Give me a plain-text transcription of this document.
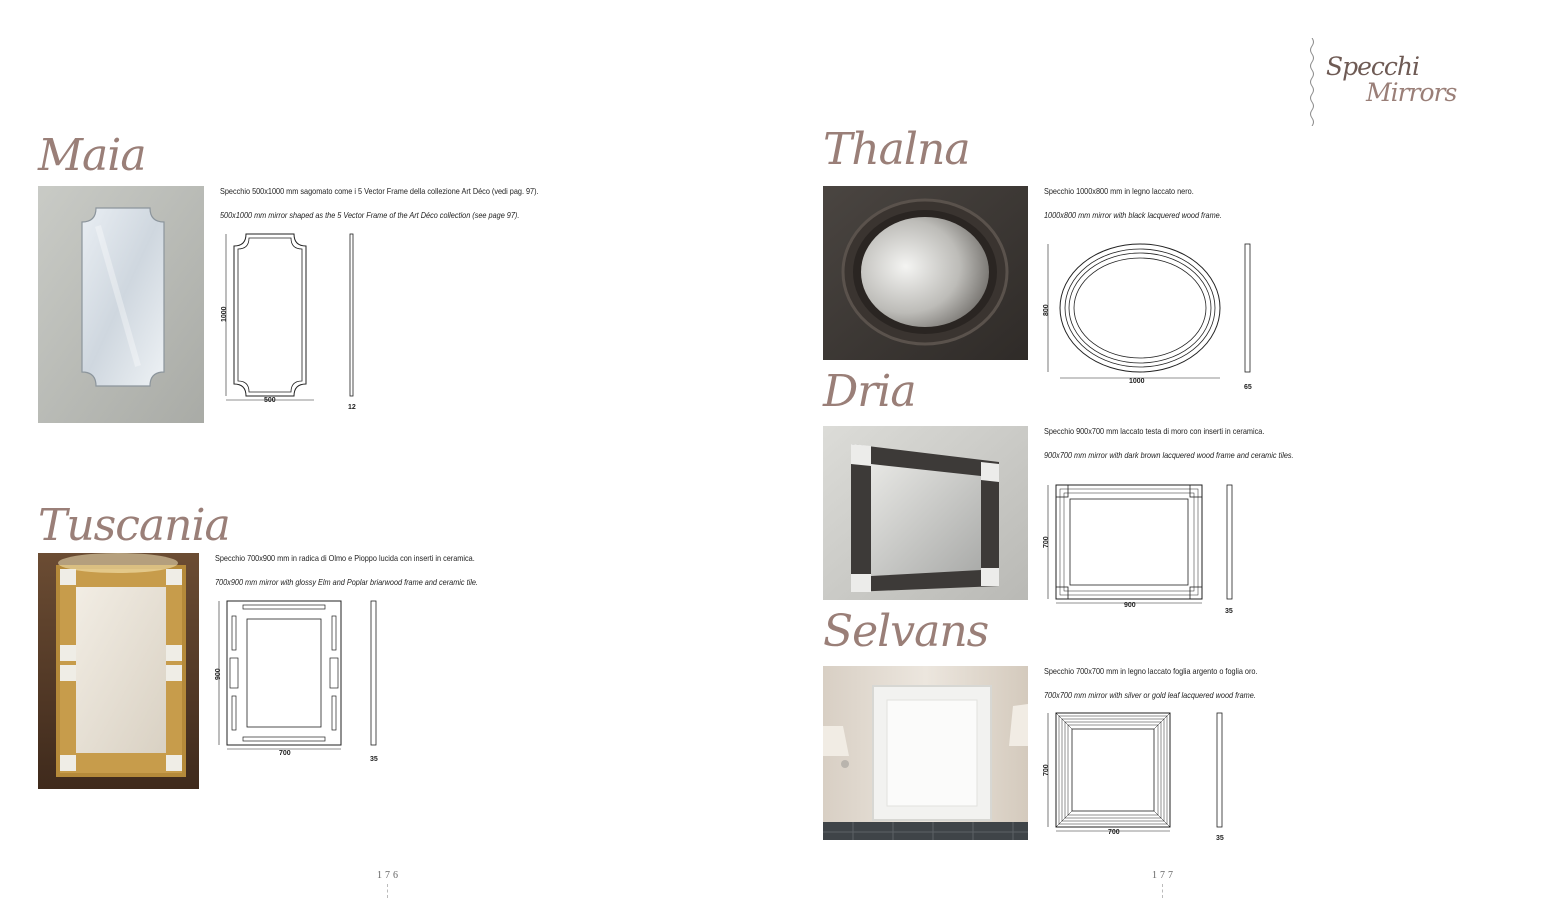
Maia
Specchio 500x1000 mm sagomato come i 5 Vector Frame della collezione Art Déco (vedi pag. 97).
500x1000 mm mirror shaped as the 5 Vector Frame of the Art Déco collection (see page 97).
500
1000
12
Tuscania
Specchio 700x900 mm in radica di Olmo e Pioppo lucida con inserti in ceramica.
700x900 mm mirror with glossy Elm and Poplar briarwood frame and ceramic tile.
700
900
35
176
Specchi
Mirrors
Thalna
Specchio 1000x800 mm in legno laccato nero.
1000x800 mm mirror with black lacquered wood frame.
1000
800
65
Dria
Specchio 900x700 mm laccato testa di moro con inserti in ceramica.
900x700 mm mirror with dark brown lacquered wood frame and ceramic tiles.
900
700
35
Selvans
Specchio 700x700 mm in legno laccato foglia argento o foglia oro.
700x700 mm mirror with silver or gold leaf lacquered wood frame.
700
700
35
177
